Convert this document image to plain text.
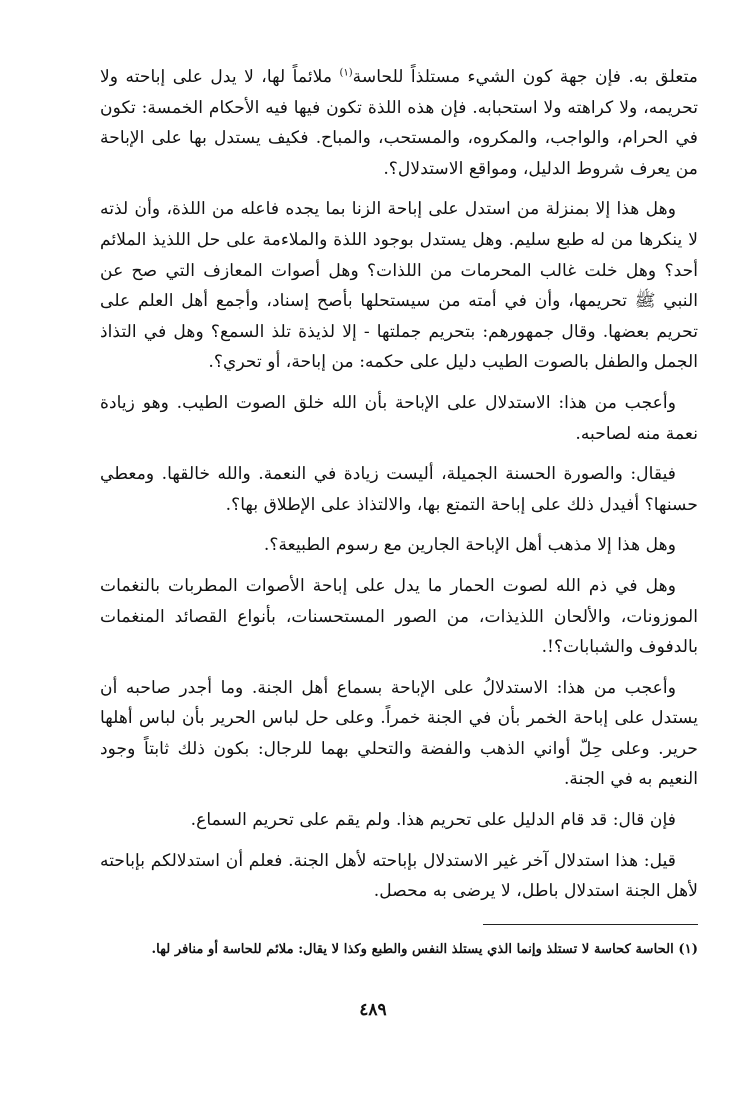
متعلق به. فإن جهة كون الشيء مستلذاً للحاسة$^{(١)}$ ملائماً لها، لا يدل على إباحته ولا تحريمه، ولا كراهته ولا استحبابه. فإن هذه اللذة تكون فيها فيه الأحكام الخمسة: تكون في الحرام، والواجب، والمكروه، والمستحب، والمباح. فكيف يستدل بها على الإباحة من يعرف شروط الدليل، ومواقع الاستدلال؟.

وهل هذا إلا بمنزلة من استدل على إباحة الزنا بما يجده فاعله من اللذة، وأن لذته لا ينكرها من له طبع سليم. وهل يستدل بوجود اللذة والملاءمة على حل اللذيذ الملائم أحد؟ وهل خلت غالب المحرمات من اللذات؟ وهل أصوات المعازف التي صح عن النبي ﷺ تحريمها، وأن في أمته من سيستحلها بأصح إسناد، وأجمع أهل العلم على تحريم بعضها. وقال جمهورهم: بتحريم جملتها - إلا لذيذة تلذ السمع؟ وهل في التذاذ الجمل والطفل بالصوت الطيب دليل على حكمه: من إباحة، أو تحري؟.

وأعجب من هذا: الاستدلال على الإباحة بأن الله خلق الصوت الطيب. وهو زيادة نعمة منه لصاحبه.

فيقال: والصورة الحسنة الجميلة، أليست زيادة في النعمة. والله خالقها. ومعطي حسنها؟ أفيدل ذلك على إباحة التمتع بها، والالتذاذ على الإطلاق بها؟.

وهل هذا إلا مذهب أهل الإباحة الجارين مع رسوم الطبيعة؟.

وهل في ذم الله لصوت الحمار ما يدل على إباحة الأصوات المطربات بالنغمات الموزونات، والألحان اللذيذات، من الصور المستحسنات، بأنواع القصائد المنغمات بالدفوف والشبابات؟!.

وأعجب من هذا: الاستدلالُ على الإباحة بسماع أهل الجنة. وما أجدر صاحبه أن يستدل على إباحة الخمر بأن في الجنة خمراً. وعلى حل لباس الحرير بأن لباس أهلها حرير. وعلى حِلّ أواني الذهب والفضة والتحلي بهما للرجال: بكون ذلك ثابتاً وجود النعيم به في الجنة.

فإن قال: قد قام الدليل على تحريم هذا. ولم يقم على تحريم السماع.

قيل: هذا استدلال آخر غير الاستدلال بإباحته لأهل الجنة. فعلم أن استدلالكم بإباحته لأهل الجنة استدلال باطل، لا يرضى به محصل.

(١) الحاسة كحاسة لا تستلذ وإنما الذي يستلذ النفس والطبع وكذا لا يقال: ملائم للحاسة أو منافر لها.
٤٨٩
